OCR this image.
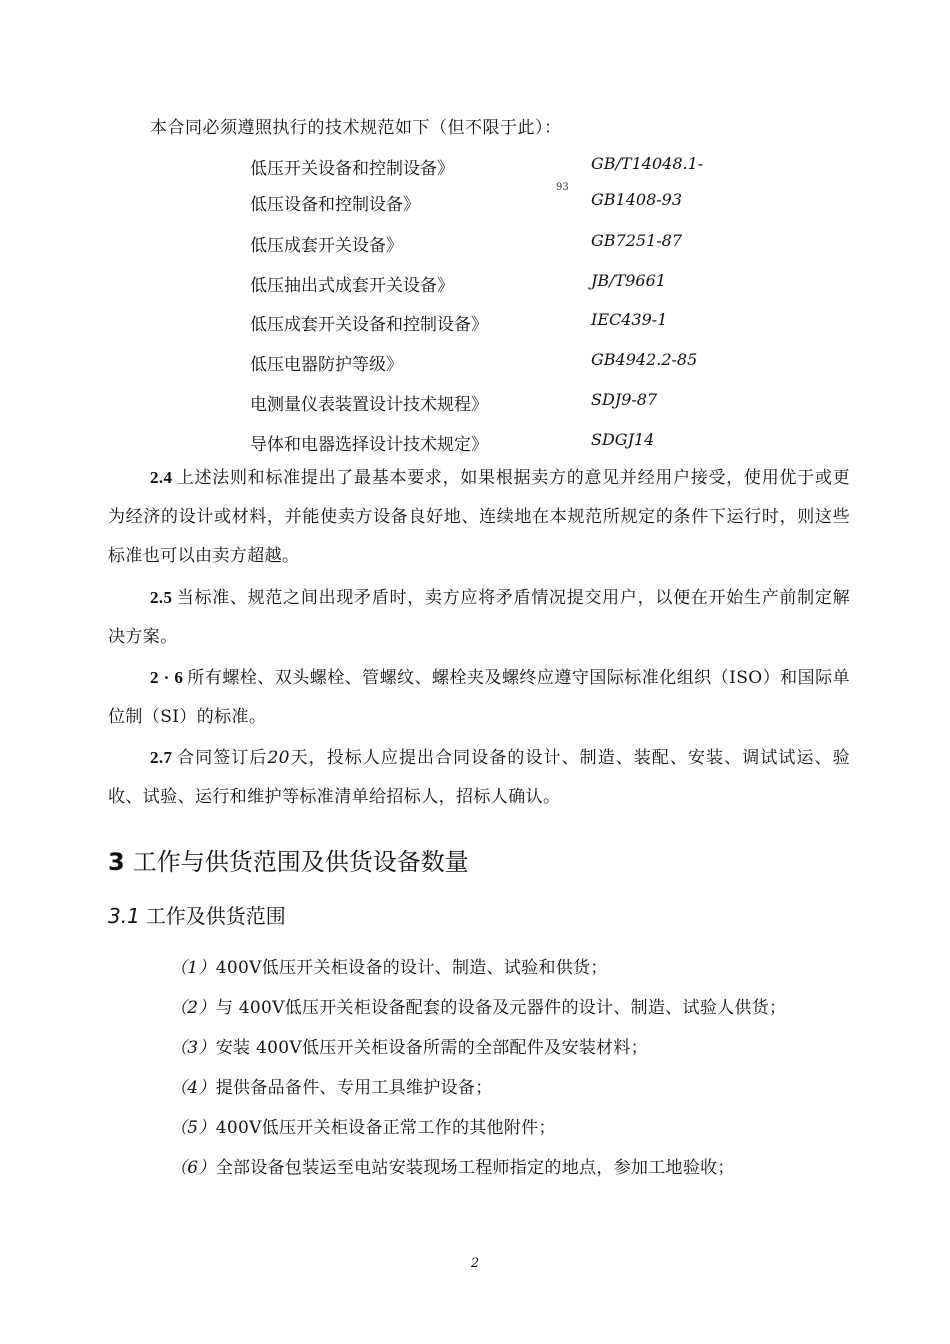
本合同必须遵照执行的技术规范如下（但不限于此）：
低压开关设备和控制设备》	GB/T14048.1-
93
低压设备和控制设备》	GB1408-93
低压成套开关设备》	GB7251-87
低压抽出式成套开关设备》	JB/T9661
低压成套开关设备和控制设备》	IEC439-1
低压电器防护等级》	GB4942.2-85
电测量仪表装置设计技术规程》	SDJ9-87
导体和电器选择设计技术规定》	SDGJ14
2.4 上述法则和标准提出了最基本要求，如果根据卖方的意见并经用户接受，使用优于或更为经济的设计或材料，并能使卖方设备良好地、连续地在本规范所规定的条件下运行时，则这些标准也可以由卖方超越。
2.5 当标准、规范之间出现矛盾时，卖方应将矛盾情况提交用户，以便在开始生产前制定解决方案。
2 · 6 所有螺栓、双头螺栓、管螺纹、螺栓夹及螺终应遵守国际标准化组织（ISO）和国际单位制（SI）的标准。
2.7 合同签订后20天，投标人应提出合同设备的设计、制造、装配、安装、调试试运、验收、试验、运行和维护等标准清单给招标人，招标人确认。
3 工作与供货范围及供货设备数量
3.1 工作及供货范围
（1）400V低压开关柜设备的设计、制造、试验和供货；
（2）与 400V低压开关柜设备配套的设备及元器件的设计、制造、试验人供货；
（3）安装 400V低压开关柜设备所需的全部配件及安装材料；
（4）提供备品备件、专用工具维护设备；
（5）400V低压开关柜设备正常工作的其他附件；
（6）全部设备包装运至电站安装现场工程师指定的地点，参加工地验收；
2
